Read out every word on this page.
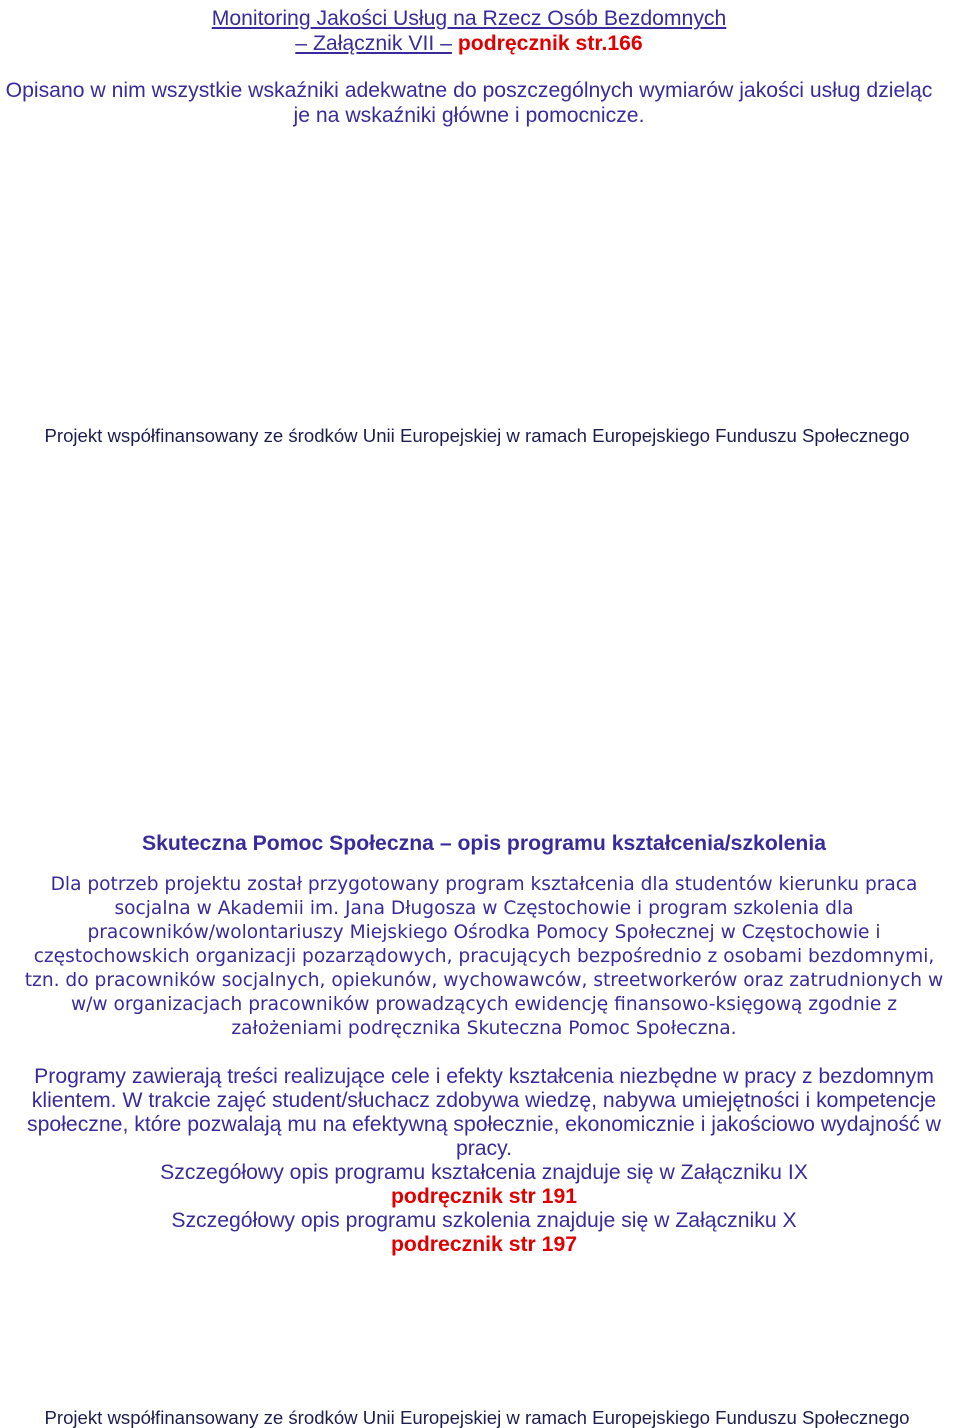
Monitoring Jakości Usług na Rzecz Osób Bezdomnych
– Załącznik VII – podręcznik str.166
Opisano w nim wszystkie wskaźniki adekwatne do poszczególnych wymiarów jakości usług dzieląc
je na wskaźniki główne i pomocnicze.
Projekt współfinansowany ze środków Unii Europejskiej w ramach Europejskiego Funduszu Społecznego
Skuteczna Pomoc Społeczna – opis programu kształcenia/szkolenia
Dla potrzeb projektu został przygotowany program kształcenia dla studentów kierunku praca
socjalna w Akademii im. Jana Długosza w Częstochowie i program szkolenia dla
pracowników/wolontariuszy Miejskiego Ośrodka Pomocy Społecznej w Częstochowie i
częstochowskich organizacji pozarządowych, pracujących bezpośrednio z osobami bezdomnymi,
tzn. do pracowników socjalnych, opiekunów, wychowawców, streetworkerów oraz zatrudnionych w
w/w organizacjach pracowników prowadzących ewidencję finansowo-księgową zgodnie z
założeniami podręcznika Skuteczna Pomoc Społeczna.
Programy zawierają treści realizujące cele i efekty kształcenia niezbędne w pracy z bezdomnym
klientem. W trakcie zajęć student/słuchacz zdobywa wiedzę, nabywa umiejętności i kompetencje
społeczne, które pozwalają mu na efektywną społecznie, ekonomicznie i jakościowo wydajność w
pracy.
Szczegółowy opis programu kształcenia znajduje się w Załączniku IX
podręcznik str 191
Szczegółowy opis programu szkolenia znajduje się w Załączniku X
podrecznik str 197
Projekt współfinansowany ze środków Unii Europejskiej w ramach Europejskiego Funduszu Społecznego
